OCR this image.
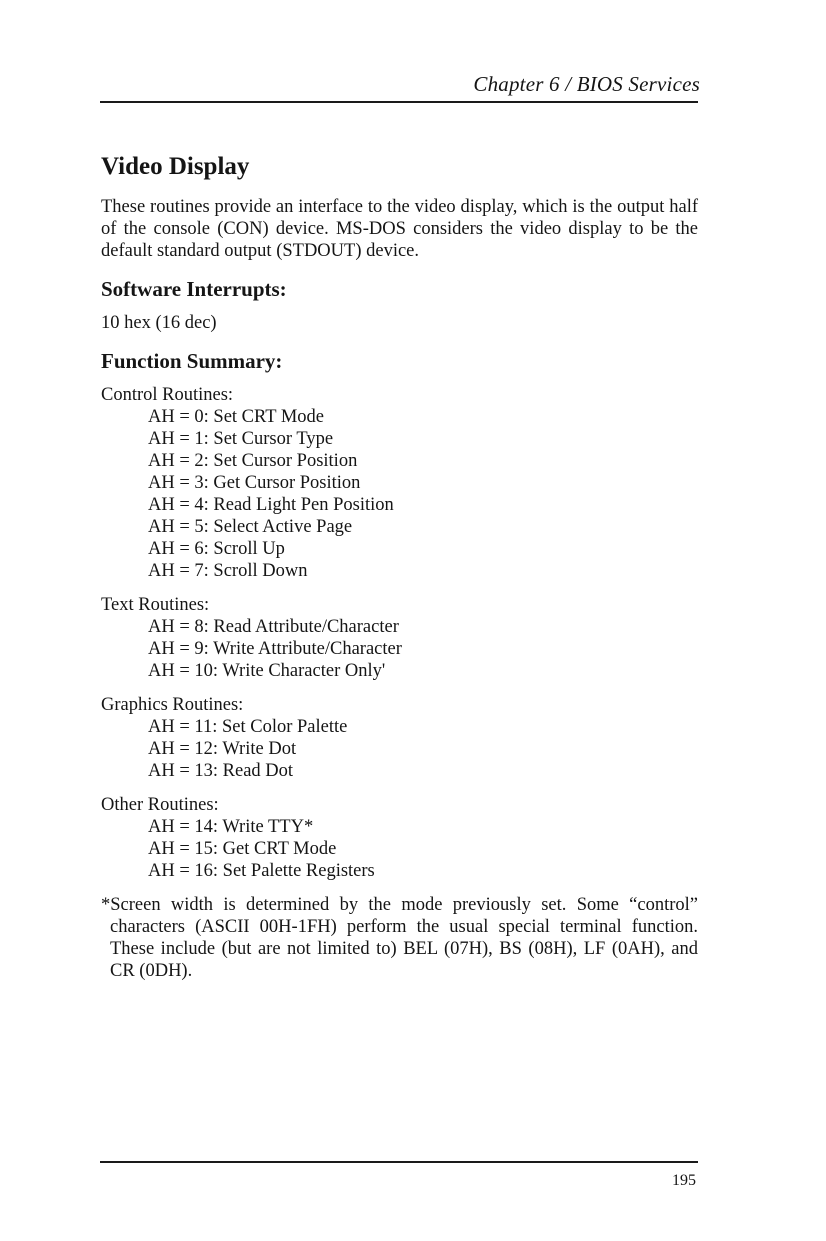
Chapter 6 / BIOS Services
Video Display

These routines provide an interface to the video display, which is the output half of the console (CON) device. MS-DOS considers the video display to be the default standard output (STDOUT) device.

Software Interrupts:

10 hex (16 dec)

Function Summary:

Control Routines:

AH = 0: Set CRT Mode
AH = 1: Set Cursor Type
AH = 2: Set Cursor Position
AH = 3: Get Cursor Position
AH = 4: Read Light Pen Position
AH = 5: Select Active Page
AH = 6: Scroll Up
AH = 7: Scroll Down

Text Routines:

AH = 8: Read Attribute/Character
AH = 9: Write Attribute/Character
AH = 10: Write Character Only'

Graphics Routines:

AH = 11: Set Color Palette
AH = 12: Write Dot
AH = 13: Read Dot

Other Routines:

AH = 14: Write TTY*
AH = 15: Get CRT Mode
AH = 16: Set Palette Registers

*Screen width is determined by the mode previously set. Some “control” characters (ASCII 00H-1FH) perform the usual special terminal function. These include (but are not limited to) BEL (07H), BS (08H), LF (0AH), and CR (0DH).

195
